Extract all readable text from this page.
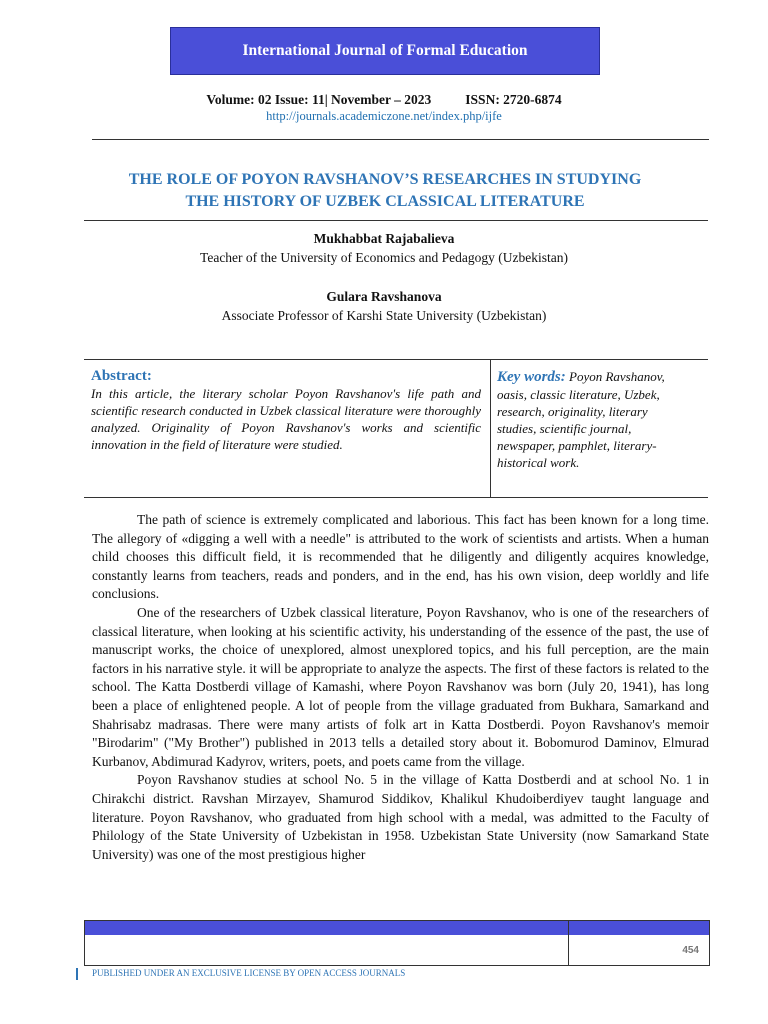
International Journal of Formal Education
Volume: 02 Issue: 11| November – 2023	ISSN: 2720-6874
http://journals.academiczone.net/index.php/ijfe
THE ROLE OF POYON RAVSHANOV’S RESEARCHES IN STUDYING
THE HISTORY OF UZBEK CLASSICAL LITERATURE
Mukhabbat Rajabalieva
Teacher of the University of Economics and Pedagogy (Uzbekistan)
Gulara Ravshanova
Associate Professor of Karshi State University (Uzbekistan)
Abstract:
In this article, the literary scholar Poyon Ravshanov's life path and scientific research conducted in Uzbek classical literature were thoroughly analyzed. Originality of Poyon Ravshanov's works and scientific innovation in the field of literature were studied.
Key words: Poyon Ravshanov, oasis, classic literature, Uzbek, research, originality, literary studies, scientific journal, newspaper, pamphlet, literary-historical work.

The path of science is extremely complicated and laborious. This fact has been known for a long time. The allegory of «digging a well with a needle" is attributed to the work of scientists and artists. When a human child chooses this difficult field, it is recommended that he diligently and diligently acquires knowledge, constantly learns from teachers, reads and ponders, and in the end, has his own vision, deep worldly and life conclusions.

One of the researchers of Uzbek classical literature, Poyon Ravshanov, who is one of the researchers of classical literature, when looking at his scientific activity, his understanding of the essence of the past, the use of manuscript works, the choice of unexplored, almost unexplored topics, and his full perception, are the main factors in his narrative style. it will be appropriate to analyze the aspects. The first of these factors is related to the school. The Katta Dostberdi village of Kamashi, where Poyon Ravshanov was born (July 20, 1941), has long been a place of enlightened people. A lot of people from the village graduated from Bukhara, Samarkand and Shahrisabz madrasas. There were many artists of folk art in Katta Dostberdi. Poyon Ravshanov's memoir "Birodarim" ("My Brother") published in 2013 tells a detailed story about it. Bobomurod Daminov, Elmurad Kurbanov, Abdimurad Kadyrov, writers, poets, and poets came from the village.

Poyon Ravshanov studies at school No. 5 in the village of Katta Dostberdi and at school No. 1 in Chirakchi district. Ravshan Mirzayev, Shamurod Siddikov, Khalikul Khudoiberdiyev taught language and literature. Poyon Ravshanov, who graduated from high school with a medal, was admitted to the Faculty of Philology of the State University of Uzbekistan in 1958. Uzbekistan State University (now Samarkand State University) was one of the most prestigious higher

454
PUBLISHED UNDER AN EXCLUSIVE LICENSE BY OPEN ACCESS JOURNALS
